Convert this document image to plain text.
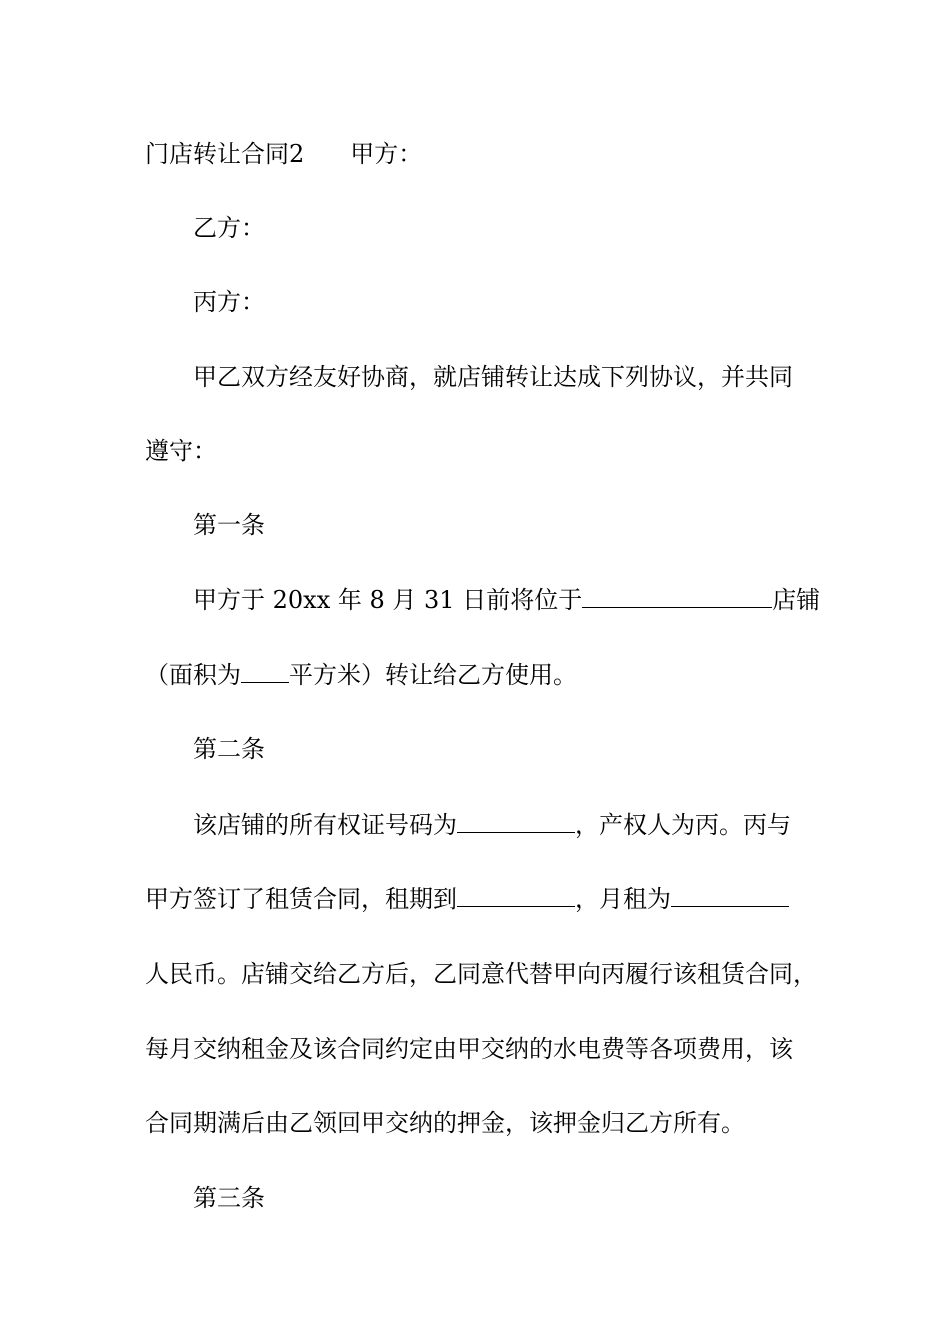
门店转让合同2 甲方：
乙方：
丙方：
甲乙双方经友好协商，就店铺转让达成下列协议，并共同
遵守：
第一条
甲方于 20xx 年 8 月 31 日前将位于	店铺
（面积为 平方米）转让给乙方使用。
第二条
该店铺的所有权证号码为	，产权人为丙。丙与
甲方签订了租赁合同，租期到	，月租为
人民币。店铺交给乙方后，乙同意代替甲向丙履行该租赁合同，
每月交纳租金及该合同约定由甲交纳的水电费等各项费用，该
合同期满后由乙领回甲交纳的押金，该押金归乙方所有。
第三条
